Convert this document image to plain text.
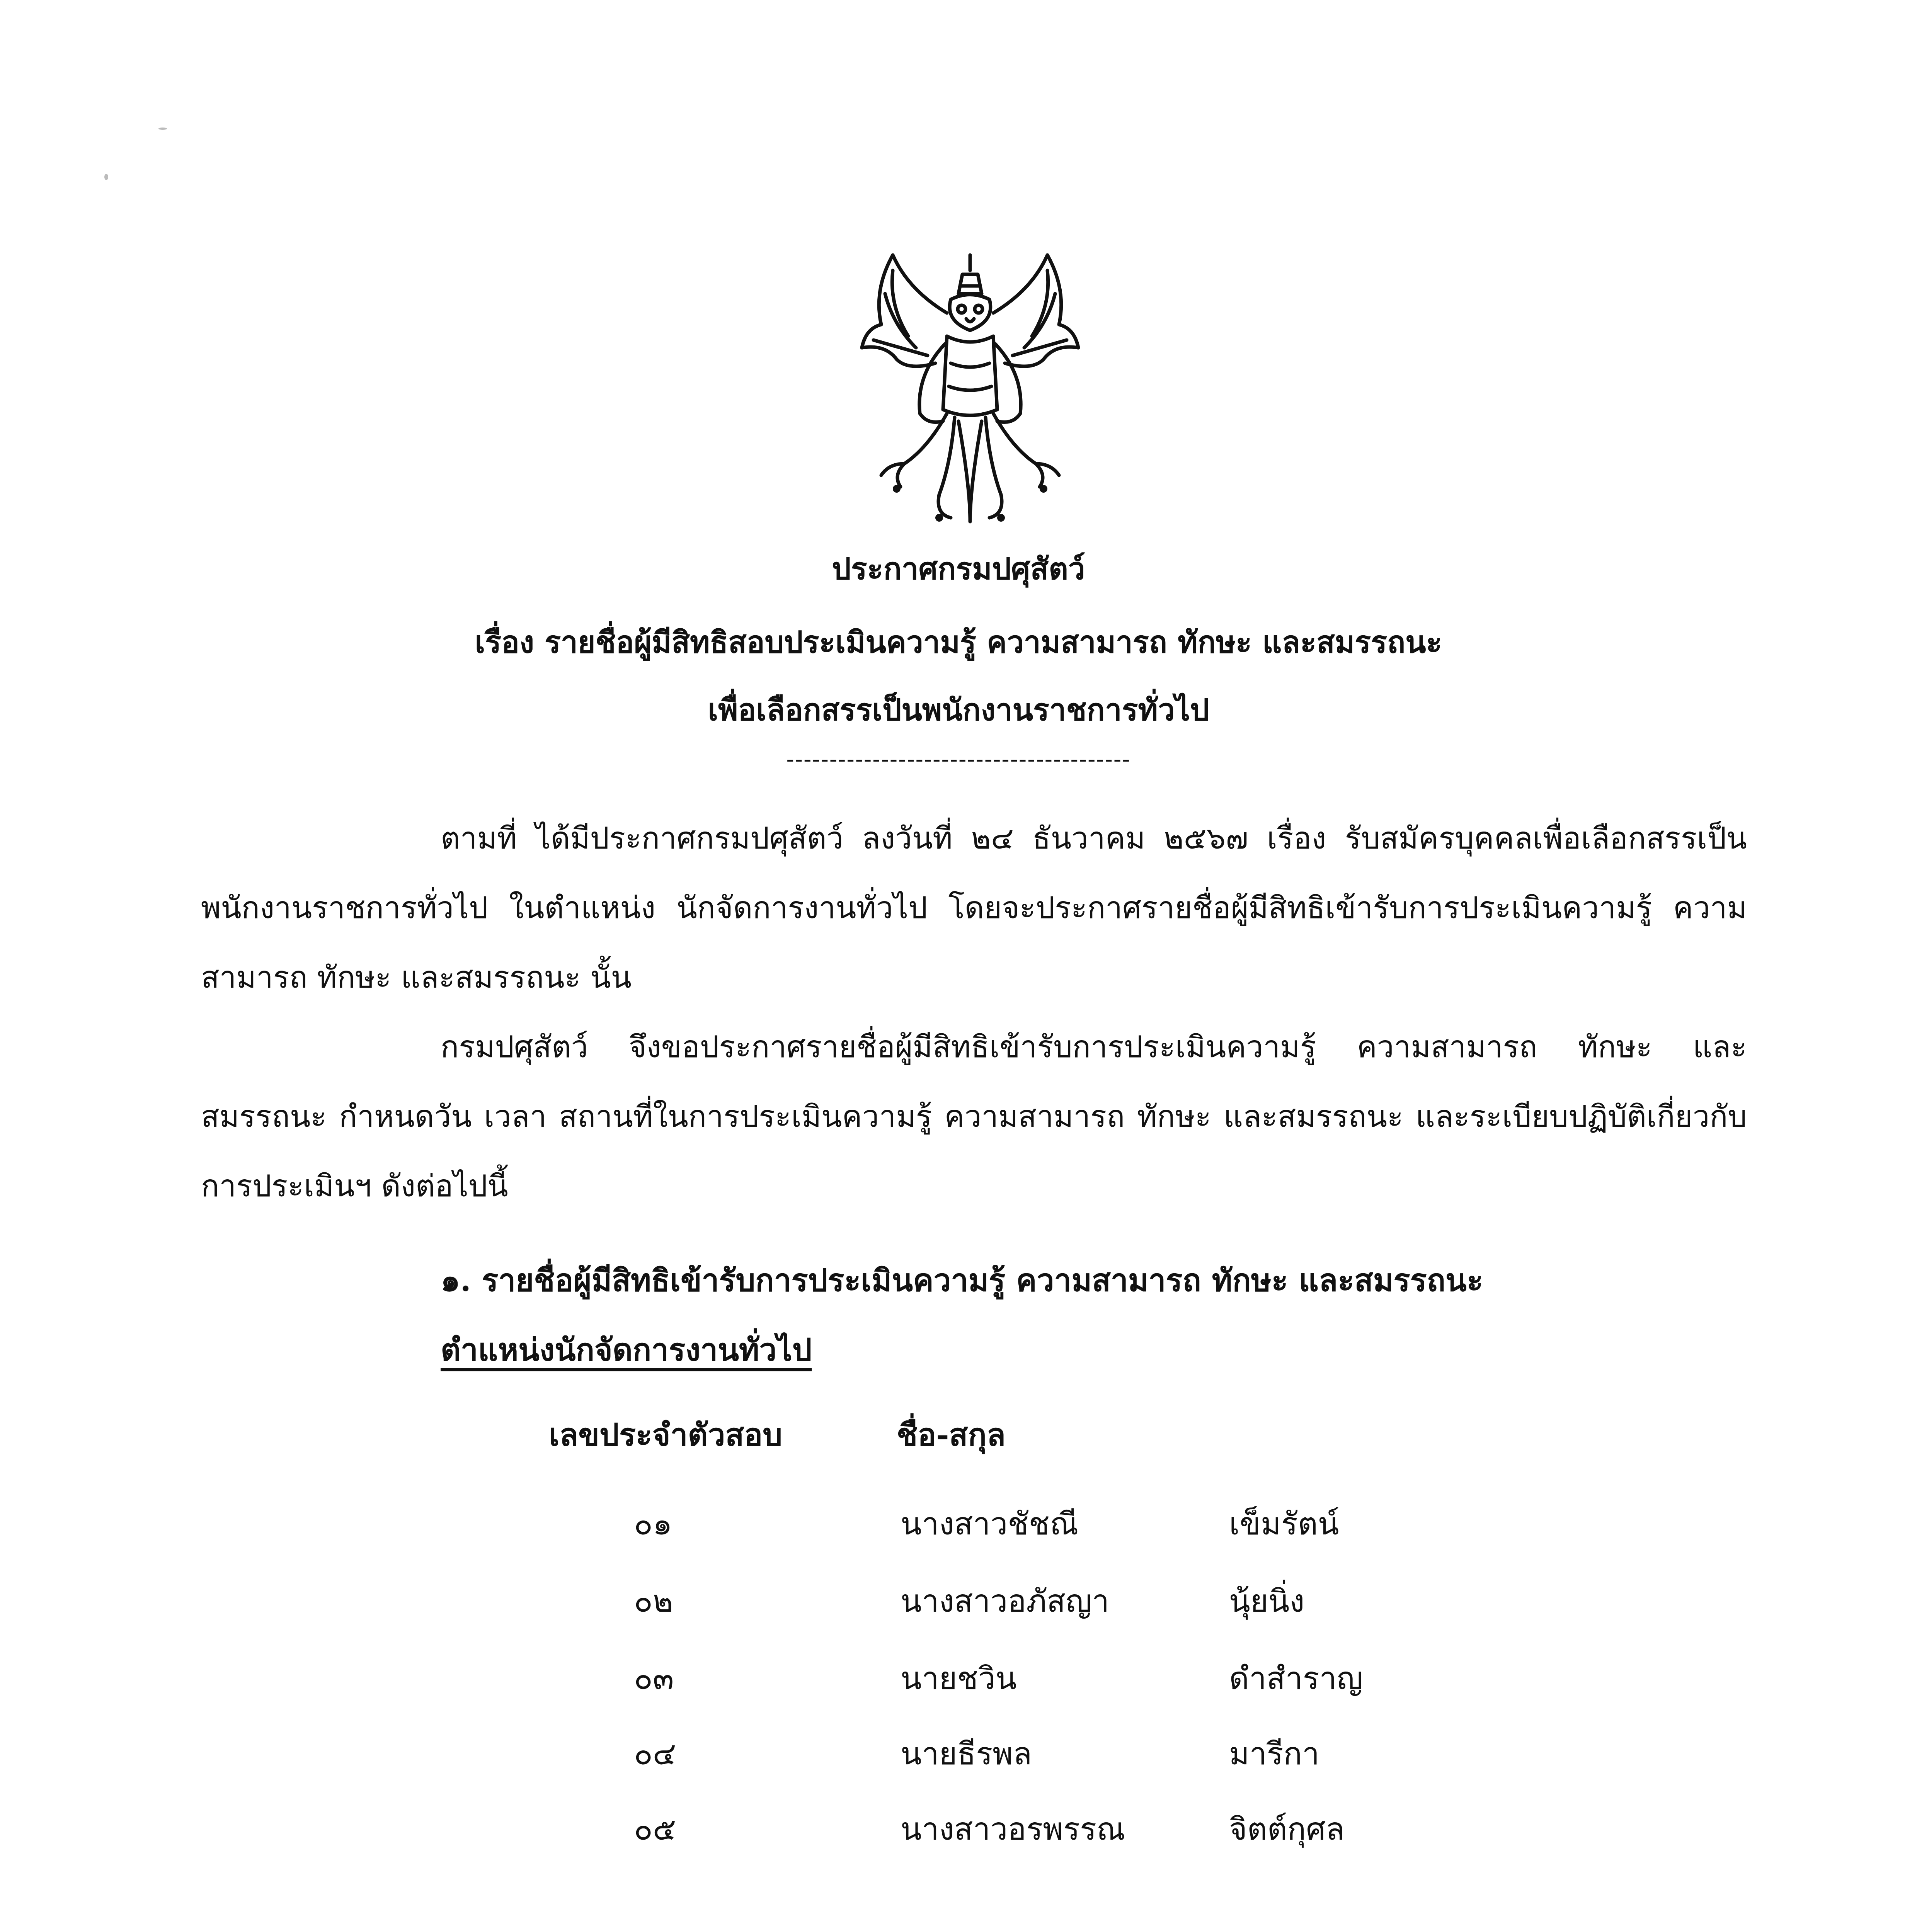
ประกาศกรมปศุสัตว์
เรื่อง รายชื่อผู้มีสิทธิสอบประเมินความรู้ ความสามารถ ทักษะ และสมรรถนะ
เพื่อเลือกสรรเป็นพนักงานราชการทั่วไป
----------------------------------------
ตามที่ ได้มีประกาศกรมปศุสัตว์ ลงวันที่ ๒๔ ธันวาคม ๒๕๖๗ เรื่อง รับสมัครบุคคลเพื่อเลือกสรรเป็นพนักงานราชการทั่วไป ในตำแหน่ง นักจัดการงานทั่วไป โดยจะประกาศรายชื่อผู้มีสิทธิเข้ารับการประเมินความรู้ ความสามารถ ทักษะ และสมรรถนะ นั้น
กรมปศุสัตว์ จึงขอประกาศรายชื่อผู้มีสิทธิเข้ารับการประเมินความรู้ ความสามารถ ทักษะ และสมรรถนะ กำหนดวัน เวลา สถานที่ในการประเมินความรู้ ความสามารถ ทักษะ และสมรรถนะ และระเบียบปฏิบัติเกี่ยวกับการประเมินฯ ดังต่อไปนี้
๑. รายชื่อผู้มีสิทธิเข้ารับการประเมินความรู้ ความสามารถ ทักษะ และสมรรถนะ
ตำแหน่งนักจัดการงานทั่วไป
เลขประจำตัวสอบ	ชื่อ-สกุล
๐๑	นางสาวชัชณี	เข็มรัตน์
๐๒	นางสาวอภัสญา	นุ้ยนิ่ง
๐๓	นายชวิน	ดำสำราญ
๐๔	นายธีรพล	มารีกา
๐๕	นางสาวอรพรรณ	จิตต์กุศล
